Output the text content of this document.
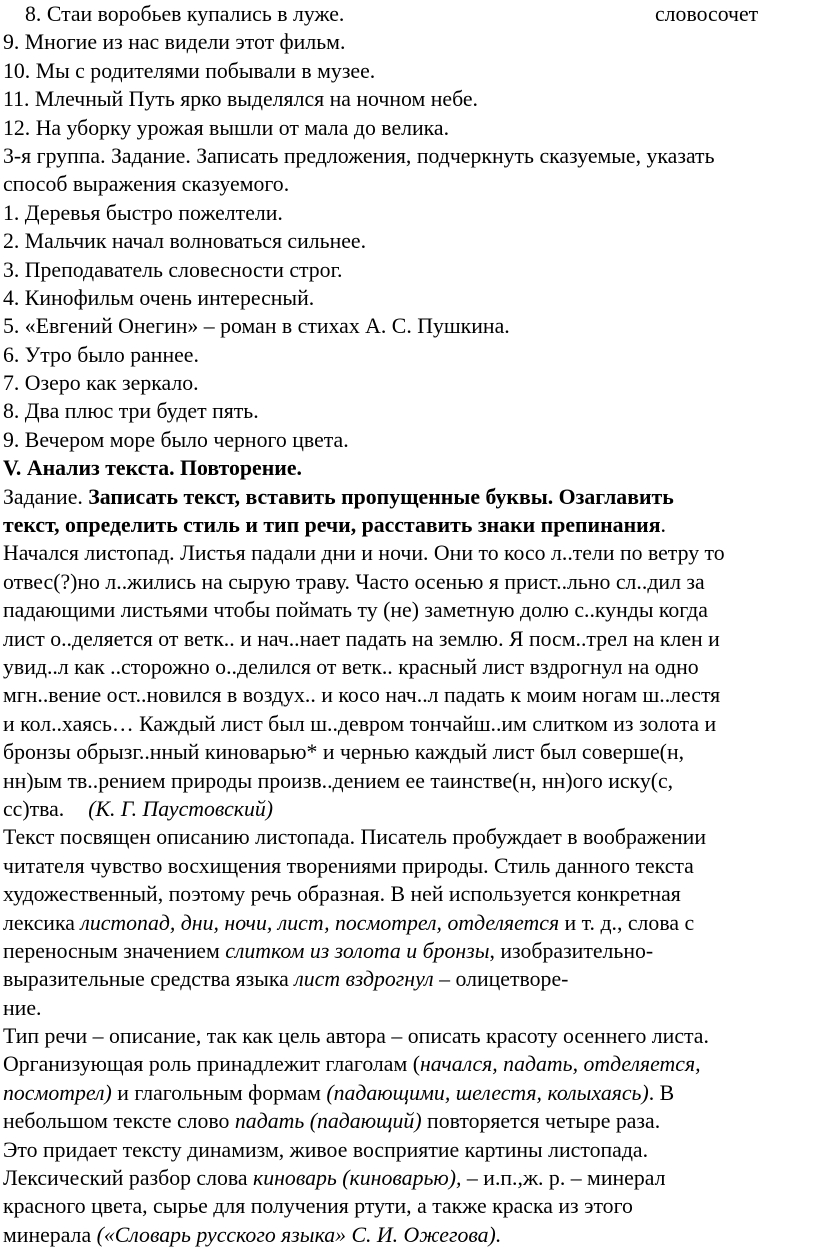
8. Стаи воробьев купались в луже.	словосочет
9. Многие из нас видели этот фильм.
10. Мы с родителями побывали в музее.
11. Млечный Путь ярко выделялся на ночном небе.
12. На уборку урожая вышли от мала до велика.
3-я группа. Задание. Записать предложения, подчеркнуть сказуемые, указать
способ выражения сказуемого.
1. Деревья быстро пожелтели.
2. Мальчик начал волноваться сильнее.
3. Преподаватель словесности строг.
4. Кинофильм очень интересный.
5. «Евгений Онегин» – роман в стихах А. С. Пушкина.
6. Утро было раннее.
7. Озеро как зеркало.
8. Два плюс три будет пять.
9. Вечером море было черного цвета.
V. Анализ текста. Повторение.
Задание. Записать текст, вставить пропущенные буквы. Озаглавить
текст, определить стиль и тип речи, расставить знаки препинания.
Начался листопад. Листья падали дни и ночи. Они то косо л..тели по ветру то
отвес(?)но л..жились на сырую траву. Часто осенью я прист..льно сл..дил за
падающими листьями чтобы поймать ту (не) заметную долю с..кунды когда
лист о..деляется от ветк.. и нач..нает падать на землю. Я посм..трел на клен и
увид..л как ..сторожно о..делился от ветк.. красный лист вздрогнул на одно
мгн..вение ост..новился в воздух.. и косо нач..л падать к моим ногам ш..лестя
и кол..хаясь… Каждый лист был ш..девром тончайш..им слитком из золота и
бронзы обрызг..нный киноварью* и чернью каждый лист был соверше(н,
нн)ым тв..рением природы произв..дением ее таинстве(н, нн)ого иску(с,
сс)тва. (К. Г. Паустовский)
Текст посвящен описанию листопада. Писатель пробуждает в воображении
читателя чувство восхищения творениями природы. Стиль данного текста
художественный, поэтому речь образная. В ней используется конкретная
лексика листопад, дни, ночи, лист, посмотрел, отделяется и т. д., слова с
переносным значением слитком из золота и бронзы, изобразительно-
выразительные средства языка лист вздрогнул – олицетворе-
ние.
Тип речи – описание, так как цель автора – описать красоту осеннего листа.
Организующая роль принадлежит глаголам (начался, падать, отделяется,
посмотрел) и глагольным формам (падающими, шелестя, колыхаясь). В
небольшом тексте слово падать (падающий) повторяется четыре раза.
Это придает тексту динамизм, живое восприятие картины листопада.
Лексический разбор слова киноварь (киноварью), – и.п.,ж. р. – минерал
красного цвета, сырье для получения ртути, а также краска из этого
минерала («Словарь русского языка» С. И. Ожегова).
